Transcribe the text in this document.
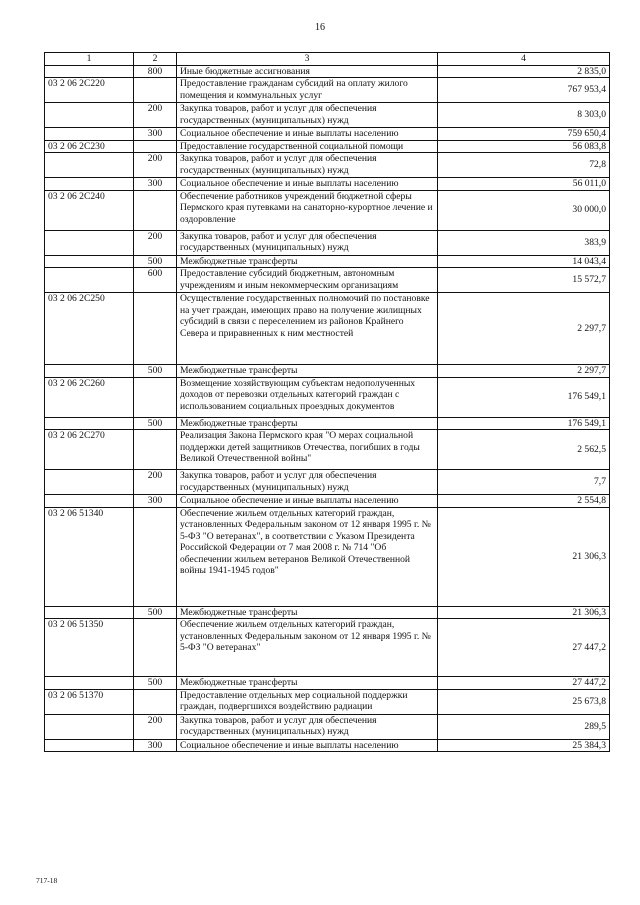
16
1	2	3	4
	800	Иные бюджетные ассигнования	2 835,0
03 2 06 2С220		Предоставление гражданам субсидий на оплату жилого помещения и коммунальных услуг	767 953,4
	200	Закупка товаров, работ и услуг для обеспечения государственных (муниципальных) нужд	8 303,0
	300	Социальное обеспечение и иные выплаты населению	759 650,4
03 2 06 2С230		Предоставление государственной социальной помощи	56 083,8
	200	Закупка товаров, работ и услуг для обеспечения государственных (муниципальных) нужд	72,8
	300	Социальное обеспечение и иные выплаты населению	56 011,0
03 2 06 2С240		Обеспечение работников учреждений бюджетной сферы Пермского края путевками на санаторно-курортное лечение и оздоровление	30 000,0
	200	Закупка товаров, работ и услуг для обеспечения государственных (муниципальных) нужд	383,9
	500	Межбюджетные трансферты	14 043,4
	600	Предоставление субсидий бюджетным, автономным учреждениям и иным некоммерческим организациям	15 572,7
03 2 06 2С250		Осуществление государственных полномочий по постановке на учет граждан, имеющих право на получение жилищных субсидий в связи с переселением из районов Крайнего Севера и приравненных к ним местностей	2 297,7
	500	Межбюджетные трансферты	2 297,7
03 2 06 2С260		Возмещение хозяйствующим субъектам недополученных доходов от перевозки отдельных категорий граждан с использованием социальных проездных документов	176 549,1
	500	Межбюджетные трансферты	176 549,1
03 2 06 2С270		Реализация Закона Пермского края "О мерах социальной поддержки детей защитников Отечества, погибших в годы Великой Отечественной войны"	2 562,5
	200	Закупка товаров, работ и услуг для обеспечения государственных (муниципальных) нужд	7,7
	300	Социальное обеспечение и иные выплаты населению	2 554,8
03 2 06 51340		Обеспечение жильем отдельных категорий граждан, установленных Федеральным законом от 12 января 1995 г. № 5-ФЗ "О ветеранах", в соответствии с Указом Президента Российской Федерации от 7 мая 2008 г. № 714 "Об обеспечении жильем ветеранов Великой Отечественной войны 1941-1945 годов"	21 306,3
	500	Межбюджетные трансферты	21 306,3
03 2 06 51350		Обеспечение жильем отдельных категорий граждан, установленных Федеральным законом от 12 января 1995 г. № 5-ФЗ "О ветеранах"	27 447,2
	500	Межбюджетные трансферты	27 447,2
03 2 06 51370		Предоставление отдельных мер социальной поддержки граждан, подвергшихся воздействию радиации	25 673,8
	200	Закупка товаров, работ и услуг для обеспечения государственных (муниципальных) нужд	289,5
	300	Социальное обеспечение и иные выплаты населению	25 384,3
717-18
